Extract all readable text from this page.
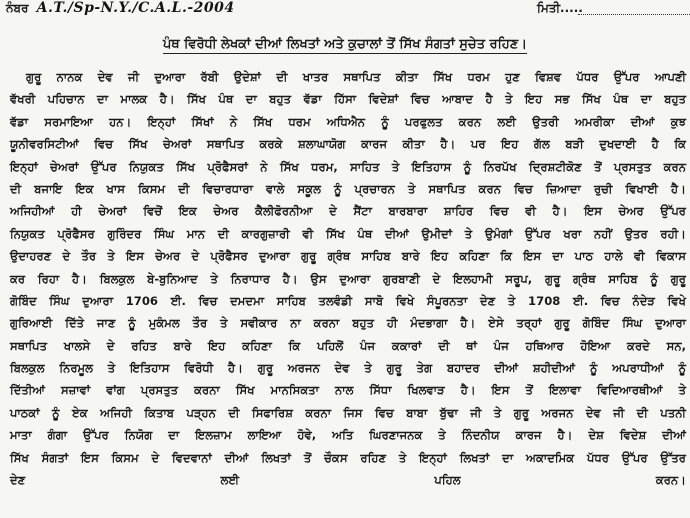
ਨੰਬਰ A.T./Sp-N.Y./C.A.L.-2004	ਮਿਤੀ.....
ਪੰਥ ਵਿਰੋਧੀ ਲੇਖਕਾਂ ਦੀਆਂ ਲਿਖਤਾਂ ਅਤੇ ਕੁਚਾਲਾਂ ਤੋਂ ਸਿੱਖ ਸੰਗਤਾਂ ਸੁਚੇਤ ਰਹਿਣ।
ਗੁਰੂ ਨਾਨਕ ਦੇਵ ਜੀ ਦੁਆਰਾ ਰੱਬੀ ਉਦੇਸ਼ਾਂ ਦੀ ਖਾਤਰ ਸਥਾਪਿਤ ਕੀਤਾ ਸਿੱਖ ਧਰਮ ਹੁਣ ਵਿਸ਼ਵ ਪੱਧਰ ਉੱਪਰ ਆਪਣੀ
ਵੱਖਰੀ ਪਹਿਚਾਨ ਦਾ ਮਾਲਕ ਹੈ। ਸਿੱਖ ਪੰਥ ਦਾ ਬਹੁਤ ਵੱਡਾ ਹਿੱਸਾ ਵਿਦੇਸ਼ਾਂ ਵਿਚ ਆਬਾਦ ਹੈ ਤੇ ਇਹ ਸਭ ਸਿੱਖ ਪੰਥ ਦਾ ਬਹੁਤ
ਵੱਡਾ ਸਰਮਾਇਆ ਹਨ। ਇਨ੍ਹਾਂ ਸਿੱਖਾਂ ਨੇ ਸਿੱਖ ਧਰਮ ਅਧਿਐਨ ਨੂੰ ਪਰਫੁਲਤ ਕਰਨ ਲਈ ਉਤਰੀ ਅਮਰੀਕਾ ਦੀਆਂ ਕੁਝ
ਯੂਨੀਵਰਸਿਟੀਆਂ ਵਿਚ ਸਿੱਖ ਚੇਅਰਾਂ ਸਥਾਪਿਤ ਕਰਕੇ ਸ਼ਲਾਘਾਯੋਗ ਕਾਰਜ ਕੀਤਾ ਹੈ। ਪਰ ਇਹ ਗੱਲ ਬੜੀ ਦੁਖਦਾਈ ਹੈ ਕਿ
ਇਨ੍ਹਾਂ ਚੇਅਰਾਂ ਉੱਪਰ ਨਿਯੁਕਤ ਸਿੱਖ ਪ੍ਰੋਫੈਸਰਾਂ ਨੇ ਸਿੱਖ ਧਰਮ, ਸਾਹਿਤ ਤੇ ਇਤਿਹਾਸ ਨੂੰ ਨਿਰਪੱਖ ਦ੍ਰਿਸ਼ਟੀਕੋਣ ਤੋਂ ਪ੍ਰਸਤੁਤ ਕਰਨ
ਦੀ ਬਜਾਇ ਇਕ ਖਾਸ ਕਿਸਮ ਦੀ ਵਿਚਾਰਧਾਰਾ ਵਾਲੇ ਸਕੂਲ ਨੂੰ ਪ੍ਰਚਾਰਨ ਤੇ ਸਥਾਪਿਤ ਕਰਨ ਵਿਚ ਜ਼ਿਆਦਾ ਰੁਚੀ ਵਿਖਾਈ ਹੈ।
ਅਜਿਹੀਆਂ ਹੀ ਚੇਅਰਾਂ ਵਿਚੋਂ ਇਕ ਚੇਅਰ ਕੈਲੀਫੋਰਨੀਆ ਦੇ ਸੈਂਟਾ ਬਾਰਬਾਰਾ ਸ਼ਾਹਿਰ ਵਿਚ ਵੀ ਹੈ। ਇਸ ਚੇਅਰ ਉੱਪਰ
ਨਿਯੁਕਤ ਪ੍ਰੋਫੈਸਰ ਗੁਰਿੰਦਰ ਸਿੰਘ ਮਾਨ ਦੀ ਕਾਰਗੁਜ਼ਾਰੀ ਵੀ ਸਿੱਖ ਪੰਥ ਦੀਆਂ ਉਮੀਦਾਂ ਤੇ ਉਮੰਗਾਂ ਉੱਪਰ ਖਰਾ ਨਹੀਂ ਉਤਰ ਰਹੀ।
ਉਦਾਹਰਣ ਦੇ ਤੌਰ ਤੇ ਇਸ ਚੇਅਰ ਦੇ ਪ੍ਰੋਫੈਸਰ ਦੁਆਰਾ ਗੁਰੂ ਗ੍ਰੰਥ ਸਾਹਿਬ ਬਾਰੇ ਇਹ ਕਹਿਣਾ ਕਿ ਇਸ ਦਾ ਪਾਠ ਹਾਲੇ ਵੀ ਵਿਕਾਸ
ਕਰ ਰਿਹਾ ਹੈ। ਬਿਲਕੁਲ ਬੇ-ਬੁਨਿਆਦ ਤੇ ਨਿਰਾਧਾਰ ਹੈ। ਉਸ ਦੁਆਰਾ ਗੁਰਬਾਣੀ ਦੇ ਇਲਹਾਮੀ ਸਰੂਪ, ਗੁਰੂ ਗ੍ਰੰਥ ਸਾਹਿਬ ਨੂੰ ਗੁਰੂ
ਗੋਬਿੰਦ ਸਿੰਘ ਦੁਆਰਾ 1706 ਈ. ਵਿਚ ਦਮਦਮਾ ਸਾਹਿਬ ਤਲਵੰਡੀ ਸਾਬੋ ਵਿਖੇ ਸੰਪੂਰਨਤਾ ਦੇਣ ਤੇ 1708 ਈ. ਵਿਚ ਨੰਦੇੜ ਵਿਖੇ
ਗੁਰਿਆਈ ਦਿੱਤੇ ਜਾਣ ਨੂੰ ਮੁਕੰਮਲ ਤੌਰ ਤੇ ਸਵੀਕਾਰ ਨਾ ਕਰਨਾ ਬਹੁਤ ਹੀ ਮੰਦਭਾਗਾ ਹੈ। ਏਸੇ ਤਰ੍ਹਾਂ ਗੁਰੂ ਗੋਬਿੰਦ ਸਿੰਘ ਦੁਆਰਾ
ਸਥਾਪਿਤ ਖਾਲਸੇ ਦੇ ਰਹਿਤ ਬਾਰੇ ਇਹ ਕਹਿਣਾ ਕਿ ਪਹਿਲੋਂ ਪੰਜ ਕਕਾਰਾਂ ਦੀ ਥਾਂ ਪੰਜ ਹਥਿਆਰ ਹੋਇਆ ਕਰਦੇ ਸਨ,
ਬਿਲਕੁਲ ਨਿਰਮੂਲ ਤੇ ਇਤਿਹਾਸ ਵਿਰੋਧੀ ਹੈ। ਗੁਰੂ ਅਰਜਨ ਦੇਵ ਤੇ ਗੁਰੂ ਤੇਗ ਬਹਾਦਰ ਦੀਆਂ ਸ਼ਹੀਦੀਆਂ ਨੂੰ ਅਪਰਾਧੀਆਂ ਨੂੰ
ਦਿੱਤੀਆਂ ਸਜ਼ਾਵਾਂ ਵਾਂਗ ਪ੍ਰਸਤੁਤ ਕਰਨਾ ਸਿੱਖ ਮਾਨਸਿਕਤਾ ਨਾਲ ਸਿੱਧਾ ਖਿਲਵਾੜ ਹੈ। ਇਸ ਤੋਂ ਇਲਾਵਾ ਵਿਦਿਆਰਥੀਆਂ ਤੇ
ਪਾਠਕਾਂ ਨੂੰ ਏਕ ਅਜਿਹੀ ਕਿਤਾਬ ਪੜ੍ਹਨ ਦੀ ਸਿਫਾਰਿਸ਼ ਕਰਨਾ ਜਿਸ ਵਿਚ ਬਾਬਾ ਬੁੱਢਾ ਜੀ ਤੇ ਗੁਰੂ ਅਰਜਨ ਦੇਵ ਜੀ ਦੀ ਪਤਨੀ
ਮਾਤਾ ਗੰਗਾ ਉੱਪਰ ਨਿਯੋਗ ਦਾ ਇਲਜ਼ਾਮ ਲਾਇਆ ਹੋਵੇ, ਅਤਿ ਘਿਰਣਾਜਨਕ ਤੇ ਨਿੰਦਨੀਯ ਕਾਰਜ ਹੈ। ਦੇਸ਼ ਵਿਦੇਸ਼ ਦੀਆਂ
ਸਿੱਖ ਸੰਗਤਾਂ ਇਸ ਕਿਸਮ ਦੇ ਵਿਦਵਾਨਾਂ ਦੀਆਂ ਲਿਖਤਾਂ ਤੋਂ ਚੌਕਸ ਰਹਿਣ ਤੇ ਇਨ੍ਹਾਂ ਲਿਖਤਾਂ ਦਾ ਅਕਾਦਮਿਕ ਪੱਧਰ ਉੱਪਰ ਉੱਤਰ
ਦੇਣ ਲਈ ਪਹਿਲ ਕਰਨ।
